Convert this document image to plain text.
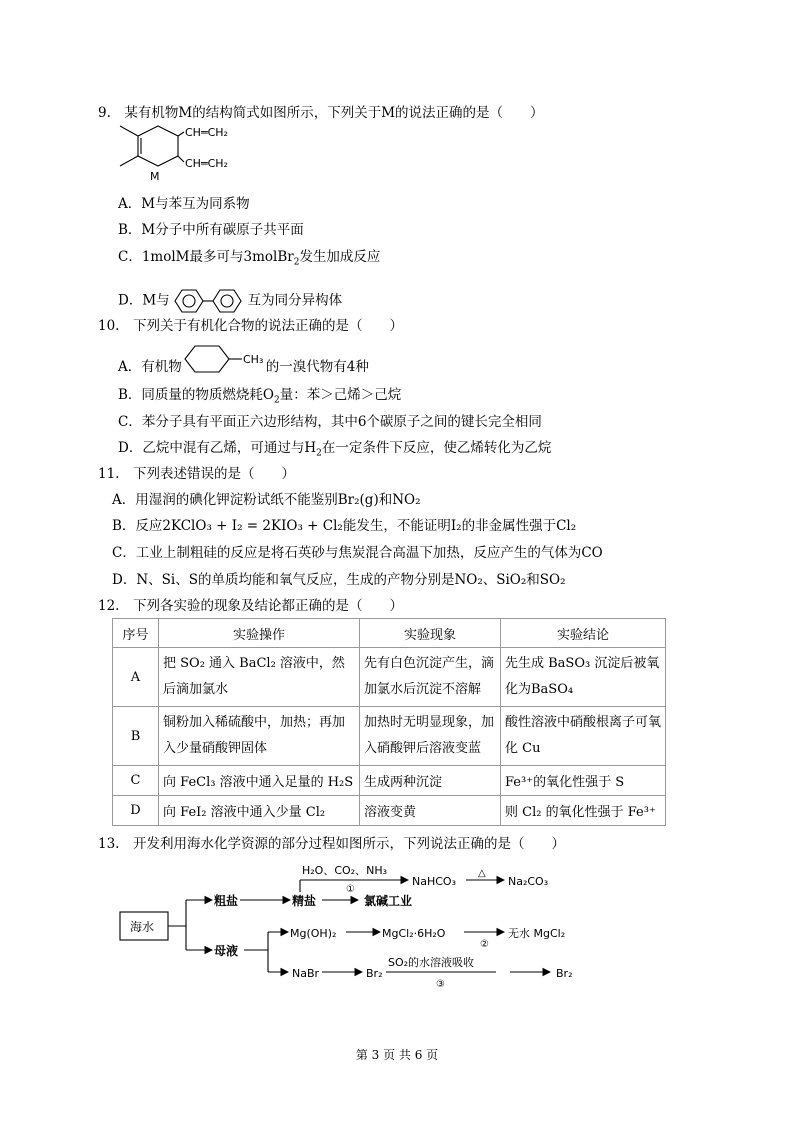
9.　某有机物M的结构简式如图所示，下列关于M的说法正确的是（　　）
CH═CH₂
CH═CH₂
M
A．M与苯互为同系物
B．M分子中所有碳原子共平面
C．1molM最多可与3molBr$_2$发生加成反应
D．M与	互为同分异构体
10.　下列关于有机化合物的说法正确的是（　　）
A．有机物	CH₃ 的一溴代物有4种
B．同质量的物质燃烧耗$O_2$量：苯＞己烯＞己烷
C．苯分子具有平面正六边形结构，其中6个碳原子之间的键长完全相同
D．乙烷中混有乙烯，可通过与$H_2$在一定条件下反应，使乙烯转化为乙烷
11.　下列表述错误的是（　　）
A．用湿润的碘化钾淀粉试纸不能鉴别Br₂(g)和NO₂
B．反应2KClO₃ + I₂ = 2KIO₃ + Cl₂能发生，不能证明I₂的非金属性强于Cl₂
C．工业上制粗硅的反应是将石英砂与焦炭混合高温下加热，反应产生的气体为CO
D．N、Si、S的单质均能和氧气反应，生成的产物分别是NO₂、SiO₂和SO₂
12.　下列各实验的现象及结论都正确的是（　　）
序号	实验操作	实验现象	实验结论
A	把 SO₂ 通入 BaCl₂ 溶液中，然后滴加氯水	先有白色沉淀产生，滴加氯水后沉淀不溶解	先生成 BaSO₃ 沉淀后被氧化为BaSO₄
B	铜粉加入稀硫酸中，加热；再加入少量硝酸钾固体	加热时无明显现象，加入硝酸钾后溶液变蓝	酸性溶液中硝酸根离子可氧化 Cu
C	向 FeCl₃ 溶液中通入足量的 H₂S	生成两种沉淀	Fe³⁺的氧化性强于 S
D	向 FeI₂ 溶液中通入少量 Cl₂	溶液变黄	则 Cl₂ 的氧化性强于 Fe³⁺
13.　开发利用海水化学资源的部分过程如图所示，下列说法正确的是（　　）
海水
粗盐	精盐
H₂O、CO₂、NH₃
①
NaHCO₃
△
Na₂CO₃
氯碱工业
母液
Mg(OH)₂	MgCl₂·6H₂O
②
无水 MgCl₂
NaBr	Br₂
SO₂的水溶液吸收
③
Br₂
第 3 页 共 6 页
